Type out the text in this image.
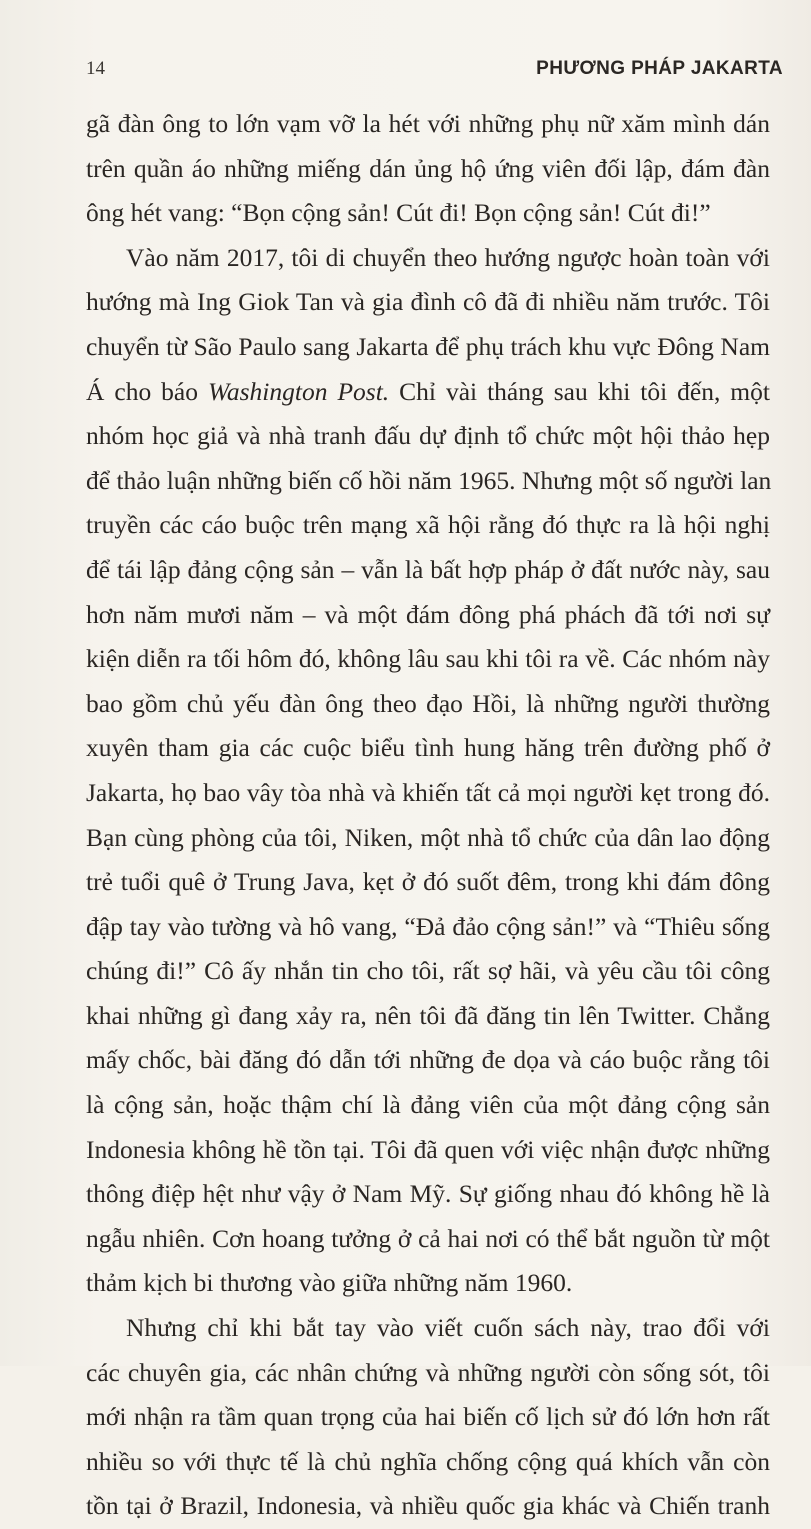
14	PHƯƠNG PHÁP JAKARTA
gã đàn ông to lớn vạm vỡ la hét với những phụ nữ xăm mình dán
trên quần áo những miếng dán ủng hộ ứng viên đối lập, đám đàn
ông hét vang: “Bọn cộng sản! Cút đi! Bọn cộng sản! Cút đi!”
Vào năm 2017, tôi di chuyển theo hướng ngược hoàn toàn với
hướng mà Ing Giok Tan và gia đình cô đã đi nhiều năm trước. Tôi
chuyển từ São Paulo sang Jakarta để phụ trách khu vực Đông Nam
Á cho báo Washington Post. Chỉ vài tháng sau khi tôi đến, một
nhóm học giả và nhà tranh đấu dự định tổ chức một hội thảo hẹp
để thảo luận những biến cố hồi năm 1965. Nhưng một số người lan
truyền các cáo buộc trên mạng xã hội rằng đó thực ra là hội nghị
để tái lập đảng cộng sản – vẫn là bất hợp pháp ở đất nước này, sau
hơn năm mươi năm – và một đám đông phá phách đã tới nơi sự
kiện diễn ra tối hôm đó, không lâu sau khi tôi ra về. Các nhóm này
bao gồm chủ yếu đàn ông theo đạo Hồi, là những người thường
xuyên tham gia các cuộc biểu tình hung hăng trên đường phố ở
Jakarta, họ bao vây tòa nhà và khiến tất cả mọi người kẹt trong đó.
Bạn cùng phòng của tôi, Niken, một nhà tổ chức của dân lao động
trẻ tuổi quê ở Trung Java, kẹt ở đó suốt đêm, trong khi đám đông
đập tay vào tường và hô vang, “Đả đảo cộng sản!” và “Thiêu sống
chúng đi!” Cô ấy nhắn tin cho tôi, rất sợ hãi, và yêu cầu tôi công
khai những gì đang xảy ra, nên tôi đã đăng tin lên Twitter. Chẳng
mấy chốc, bài đăng đó dẫn tới những đe dọa và cáo buộc rằng tôi
là cộng sản, hoặc thậm chí là đảng viên của một đảng cộng sản
Indonesia không hề tồn tại. Tôi đã quen với việc nhận được những
thông điệp hệt như vậy ở Nam Mỹ. Sự giống nhau đó không hề là
ngẫu nhiên. Cơn hoang tưởng ở cả hai nơi có thể bắt nguồn từ một
thảm kịch bi thương vào giữa những năm 1960.
Nhưng chỉ khi bắt tay vào viết cuốn sách này, trao đổi với
các chuyên gia, các nhân chứng và những người còn sống sót, tôi
mới nhận ra tầm quan trọng của hai biến cố lịch sử đó lớn hơn rất
nhiều so với thực tế là chủ nghĩa chống cộng quá khích vẫn còn
tồn tại ở Brazil, Indonesia, và nhiều quốc gia khác và Chiến tranh
